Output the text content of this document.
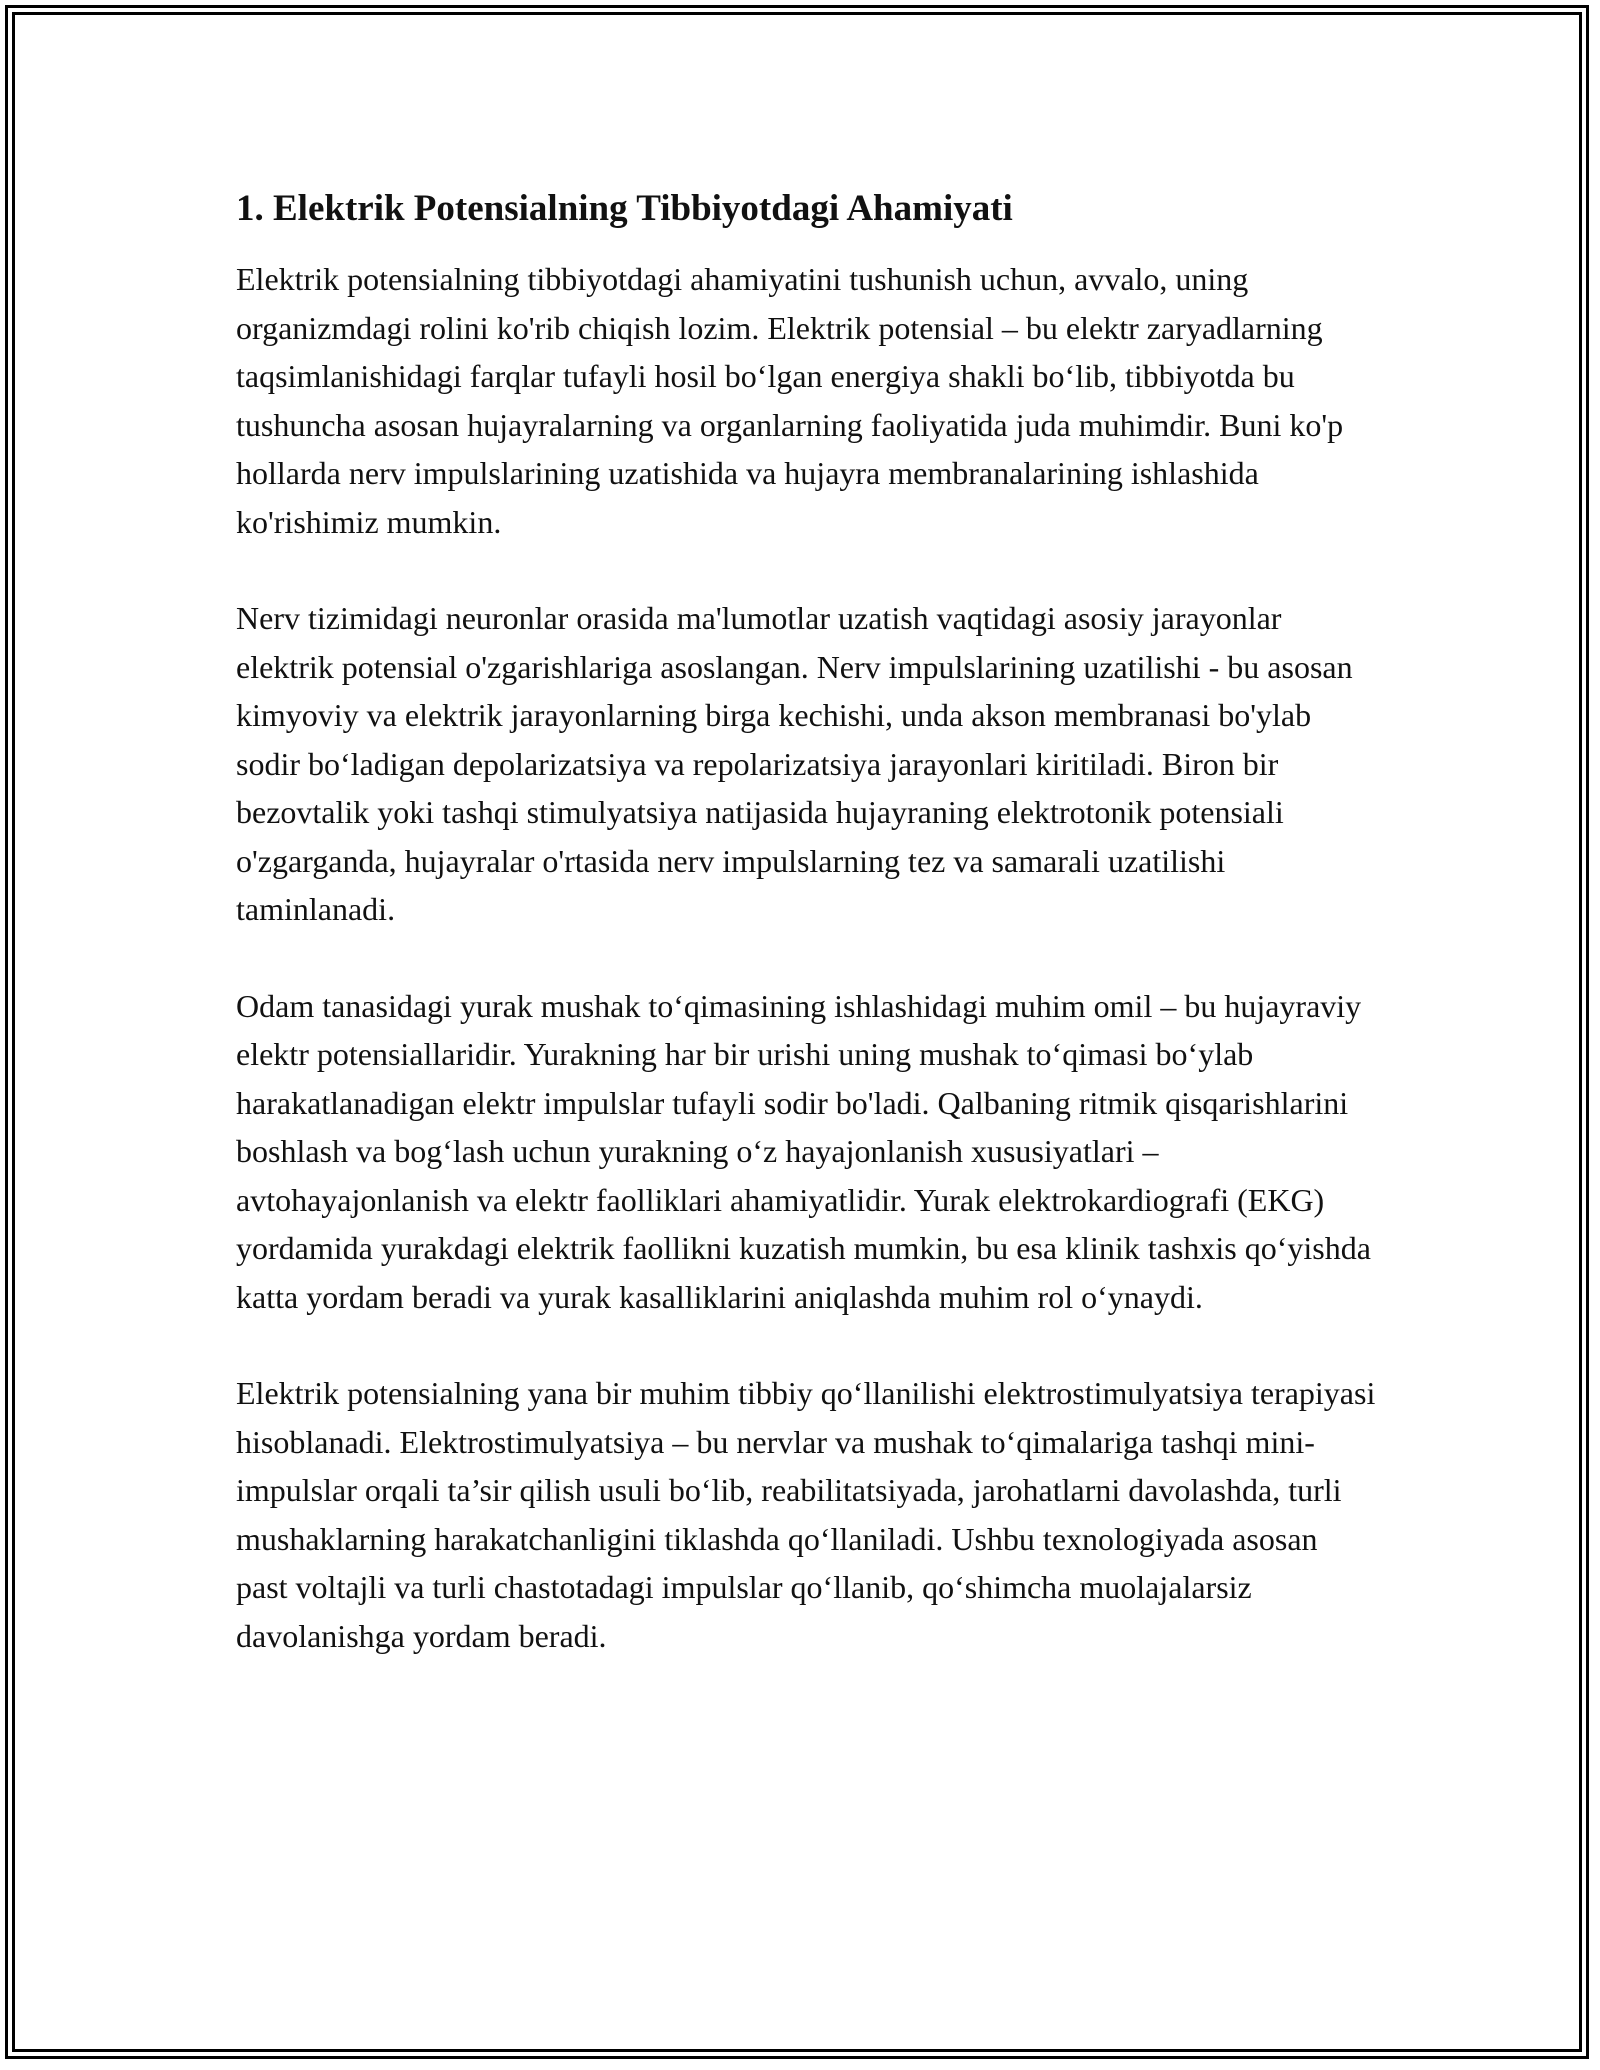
1. Elektrik Potensialning Tibbiyotdagi Ahamiyati

Elektrik potensialning tibbiyotdagi ahamiyatini tushunish uchun, avvalo, uning organizmdagi rolini ko'rib chiqish lozim. Elektrik potensial – bu elektr zaryadlarning taqsimlanishidagi farqlar tufayli hosil bo‘lgan energiya shakli bo‘lib, tibbiyotda bu tushuncha asosan hujayralarning va organlarning faoliyatida juda muhimdir. Buni ko'p hollarda nerv impulslarining uzatishida va hujayra membranalarining ishlashida ko'rishimiz mumkin.

Nerv tizimidagi neuronlar orasida ma'lumotlar uzatish vaqtidagi asosiy jarayonlar elektrik potensial o'zgarishlariga asoslangan. Nerv impulslarining uzatilishi - bu asosan kimyoviy va elektrik jarayonlarning birga kechishi, unda akson membranasi bo'ylab sodir bo‘ladigan depolarizatsiya va repolarizatsiya jarayonlari kiritiladi. Biron bir bezovtalik yoki tashqi stimulyatsiya natijasida hujayraning elektrotonik potensiali o'zgarganda, hujayralar o'rtasida nerv impulslarning tez va samarali uzatilishi taminlanadi.

Odam tanasidagi yurak mushak to‘qimasining ishlashidagi muhim omil – bu hujayraviy elektr potensiallaridir. Yurakning har bir urishi uning mushak to‘qimasi bo‘ylab harakatlanadigan elektr impulslar tufayli sodir bo'ladi. Qalbaning ritmik qisqarishlarini boshlash va bog‘lash uchun yurakning o‘z hayajonlanish xususiyatlari – avtohayajonlanish va elektr faolliklari ahamiyatlidir. Yurak elektrokardiografi (EKG) yordamida yurakdagi elektrik faollikni kuzatish mumkin, bu esa klinik tashxis qo‘yishda katta yordam beradi va yurak kasalliklarini aniqlashda muhim rol o‘ynaydi.

Elektrik potensialning yana bir muhim tibbiy qo‘llanilishi elektrostimulyatsiya terapiyasi hisoblanadi. Elektrostimulyatsiya – bu nervlar va mushak to‘qimalariga tashqi mini-impulslar orqali ta’sir qilish usuli bo‘lib, reabilitatsiyada, jarohatlarni davolashda, turli mushaklarning harakatchanligini tiklashda qo‘llaniladi. Ushbu texnologiyada asosan past voltajli va turli chastotadagi impulslar qo‘llanib, qo‘shimcha muolajalarsiz davolanishga yordam beradi.
